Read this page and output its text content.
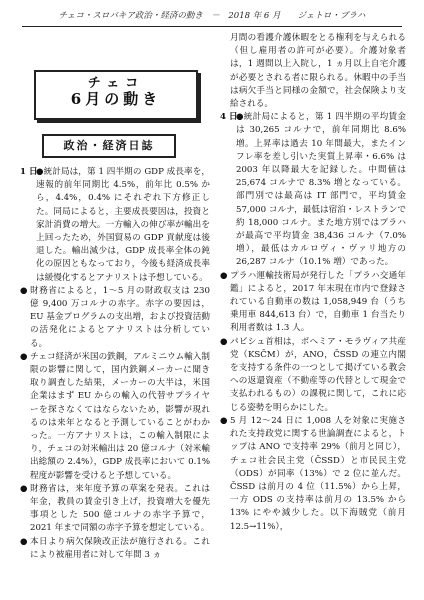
チェコ・スロバキア政治・経済の動き　－　2018 年 6 月　　ジェトロ・プラハ
チェコ
6月の動き
政治・経済日誌
1 日
●統計局は，第 1 四半期の GDP 成長率を，速報的前年同期比 4.5%，前年比 0.5% から，4.4%，0.4% にそれぞれ下方修正した。同局によると，主要成長要因は，投資と家計消費の増大。一方輸入の伸び率が輸出を上回ったため，外国貿易の GDP 貢献度は後退した。輸出減少は，GDP 成長率全体の鈍化の原因ともなっており，今後も経済成長率は緩慢化するとアナリストは予想している。
● 財務省によると，1～5 月の財政収支は 230 億 9,400 万コルナの赤字。赤字の要因は，EU 基金プログラムの支出増，および投資活動の活発化によるとアナリストは分析している。
● チェコ経済が米国の鉄鋼，アルミニウム輸入制限の影響に関して，国内鉄鋼メーカーに聞き取り調査した結果，メーカーの大半は，米国企業はまず EU からの輸入の代替サプライヤーを探さなくてはならないため，影響が現れるのは来年となると予測していることがわかった。一方アナリストは，この輸入制限により，チェコの対米輸出は 20 億コルナ（対米輸出総額の 2.4%），GDP 成長率において 0.1% 程度が影響を受けると予想している。
● 財務省は，来年度予算の草案を発表。これは年金，教員の賃金引き上げ，投資増大を優先事項とした 500 億コルナの赤字予算で，2021 年まで同額の赤字予算を想定している。
● 本日より病欠保険改正法が施行される。これにより被雇用者に対して年間 3 ヵ
月間の看護介護休暇をとる権利を与えられる（但し雇用者の許可が必要）。介護対象者は，1 週間以上入院し，1 ヵ月以上自宅介護が必要とされる者に限られる。休暇中の手当は病欠手当と同様の金額で，社会保険より支給される。
4 日
●統計局によると，第 1 四半期の平均賃金は 30,265 コルナで，前年同期比 8.6% 増。上昇率は過去 10 年間最大，またインフレ率を差し引いた実質上昇率・6.6% は 2003 年以降最大を記録した。中間値は 25,674 コルナで 8.3% 増となっている。部門別では最高は IT 部門で，平均賃金 57,000 コルナ，最低は宿泊・レストランで約 18,000 コルナ。また地方別ではプラハが最高で平均賃金 38,436 コルナ（7.0% 増），最低はカルロヴィ・ヴァリ地方の 26,287 コルナ（10.1% 増）であった。
● プラハ運輸技術局が発行した「プラハ交通年鑑」によると，2017 年末現在市内で登録されている自動車の数は 1,058,949 台（うち乗用車 844,613 台）で，自動車 1 台当たり利用者数は 1.3 人。
● パビシュ首相は，ボヘミア・モラヴィア共産党（KSČM）が，ANO，ČSSD の連立内閣を支持する条件の一つとして掲げている教会への返還資産（不動産等の代替として現金で支払われるもの）の課税に関して，これに応じる姿勢を明らかにした。
● 5 月 12～24 日に 1,008 人を対象に実施された支持政党に関する世論調査によると，トップは ANO で支持率 29%（前月と同じ），チェコ社会民主党（ČSSD）と市民民主党（ODS）が同率（13%）で 2 位に並んだ。ČSSD は前月の 4 位（11.5%）から上昇，一方 ODS の支持率は前月の 13.5% から 13% にやや減少した。以下海賊党（前月 12.5→11%），
